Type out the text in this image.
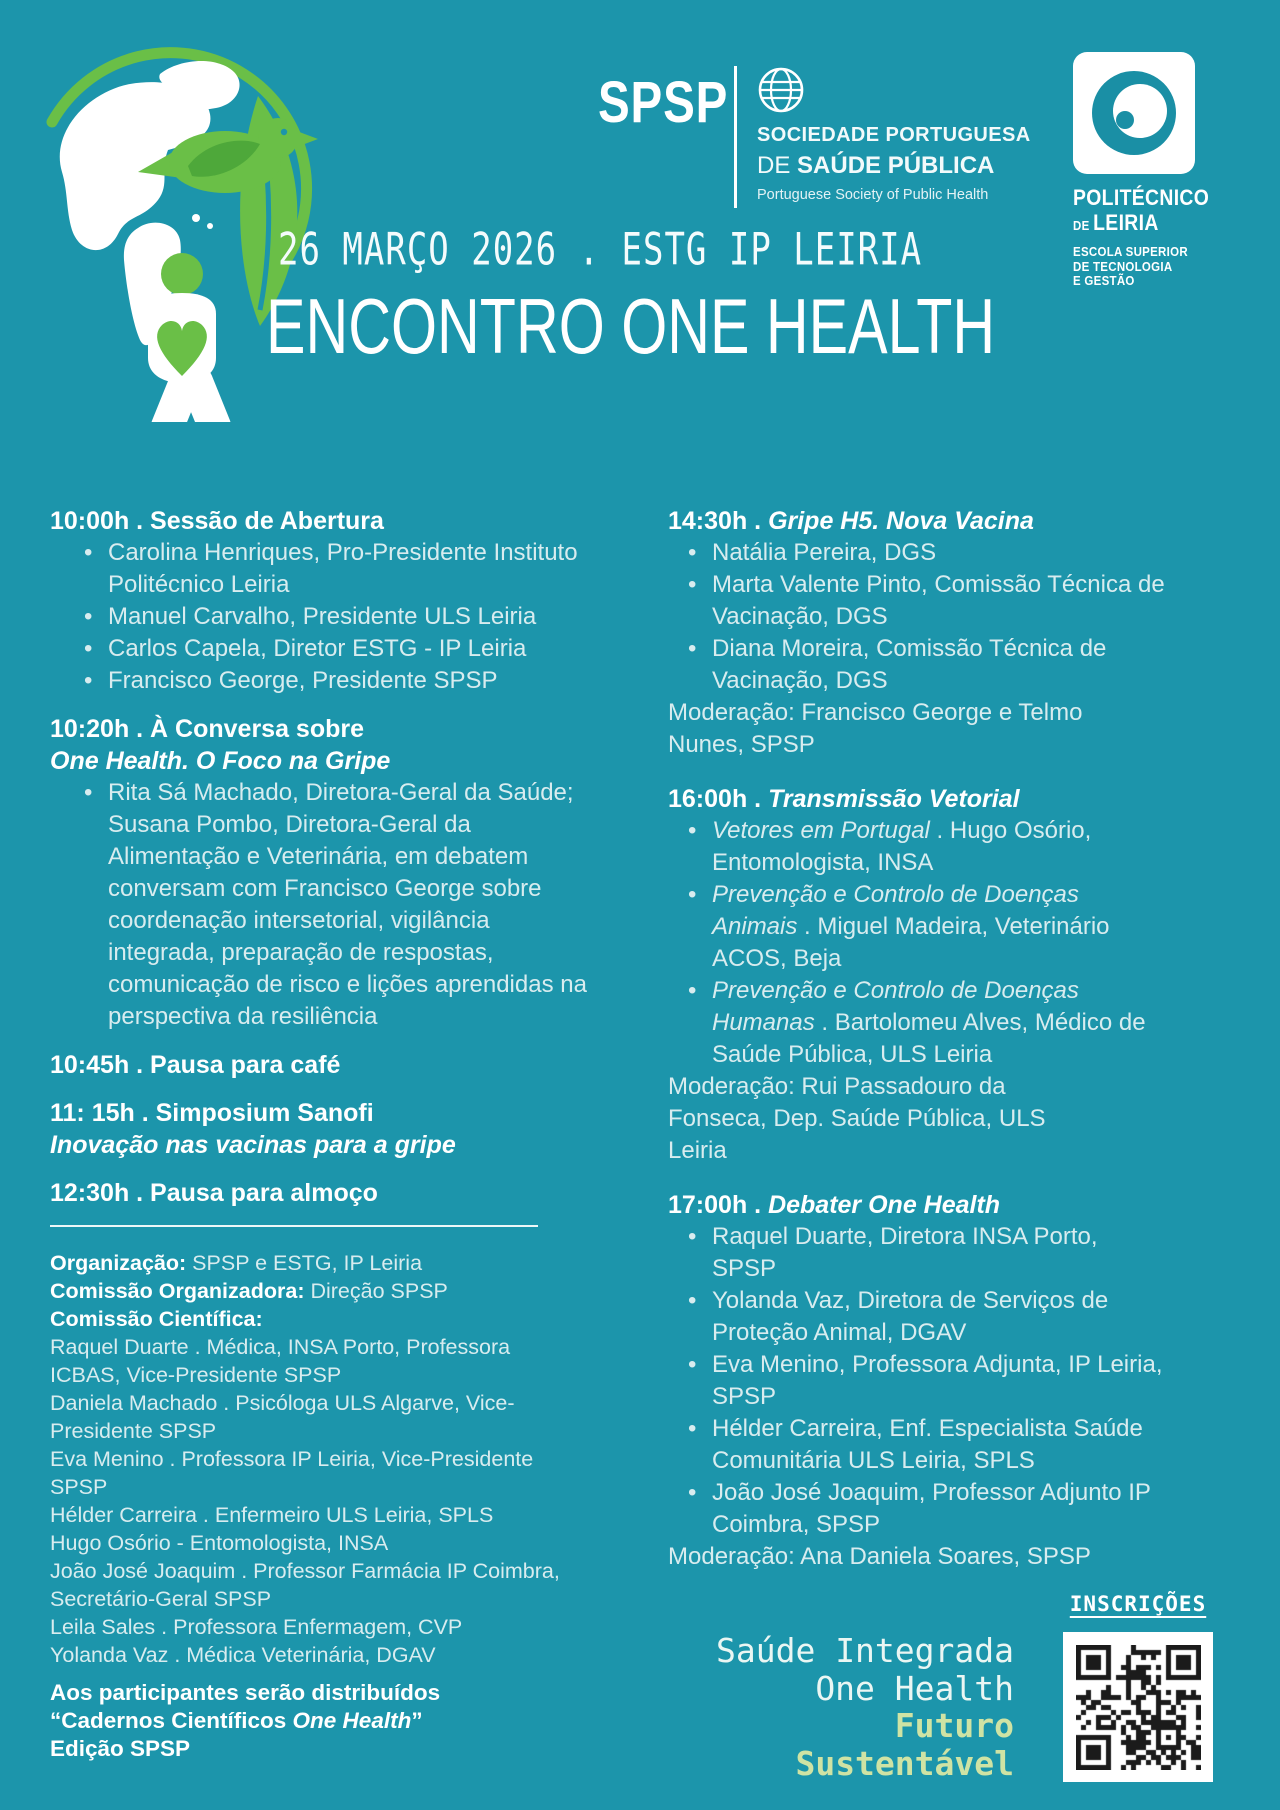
SPSP SOCIEDADE PORTUGUESA
DE SAÚDE PÚBLICA
Portuguese Society of Public Health	POLITÉCNICO
DE LEIRIA
ESCOLA SUPERIOR
DE TECNOLOGIA
E GESTÃO
26 MARÇO 2026 . ESTG IP LEIRIA
ENCONTRO ONE HEALTH
10:00h . Sessão de Abertura
• Carolina Henriques, Pro-Presidente Instituto Politécnico Leiria
• Manuel Carvalho, Presidente ULS Leiria
• Carlos Capela, Diretor ESTG - IP Leiria
• Francisco George, Presidente SPSP
10:20h . À Conversa sobre
One Health. O Foco na Gripe
• Rita Sá Machado, Diretora-Geral da Saúde; Susana Pombo, Diretora-Geral da Alimentação e Veterinária, em debatem conversam com Francisco George sobre coordenação intersetorial, vigilância integrada, preparação de respostas, comunicação de risco e lições aprendidas na perspectiva da resiliência
10:45h . Pausa para café
11: 15h . Simposium Sanofi
Inovação nas vacinas para a gripe
12:30h . Pausa para almoço
Organização: SPSP e ESTG, IP Leiria
Comissão Organizadora: Direção SPSP
Comissão Científica:
Raquel Duarte . Médica, INSA Porto, Professora ICBAS, Vice-Presidente SPSP
Daniela Machado . Psicóloga ULS Algarve, Vice-Presidente SPSP
Eva Menino . Professora IP Leiria, Vice-Presidente SPSP
Hélder Carreira . Enfermeiro ULS Leiria, SPLS
Hugo Osório - Entomologista, INSA
João José Joaquim . Professor Farmácia IP Coimbra, Secretário-Geral SPSP
Leila Sales . Professora Enfermagem, CVP
Yolanda Vaz . Médica Veterinária, DGAV
Aos participantes serão distribuídos
“Cadernos Científicos One Health”
Edição SPSP
14:30h . Gripe H5. Nova Vacina
• Natália Pereira, DGS
• Marta Valente Pinto, Comissão Técnica de Vacinação, DGS
• Diana Moreira, Comissão Técnica de Vacinação, DGS
Moderação: Francisco George e Telmo Nunes, SPSP
16:00h . Transmissão Vetorial
• Vetores em Portugal . Hugo Osório, Entomologista, INSA
• Prevenção e Controlo de Doenças Animais . Miguel Madeira, Veterinário ACOS, Beja
• Prevenção e Controlo de Doenças Humanas . Bartolomeu Alves, Médico de Saúde Pública, ULS Leiria
Moderação: Rui Passadouro da Fonseca, Dep. Saúde Pública, ULS Leiria
17:00h . Debater One Health
• Raquel Duarte, Diretora INSA Porto, SPSP
• Yolanda Vaz, Diretora de Serviços de Proteção Animal, DGAV
• Eva Menino, Professora Adjunta, IP Leiria, SPSP
• Hélder Carreira, Enf. Especialista Saúde Comunitária ULS Leiria, SPLS
• João José Joaquim, Professor Adjunto IP Coimbra, SPSP
Moderação: Ana Daniela Soares, SPSP
Saúde Integrada
One Health
Futuro
Sustentável
INSCRIÇÕES
